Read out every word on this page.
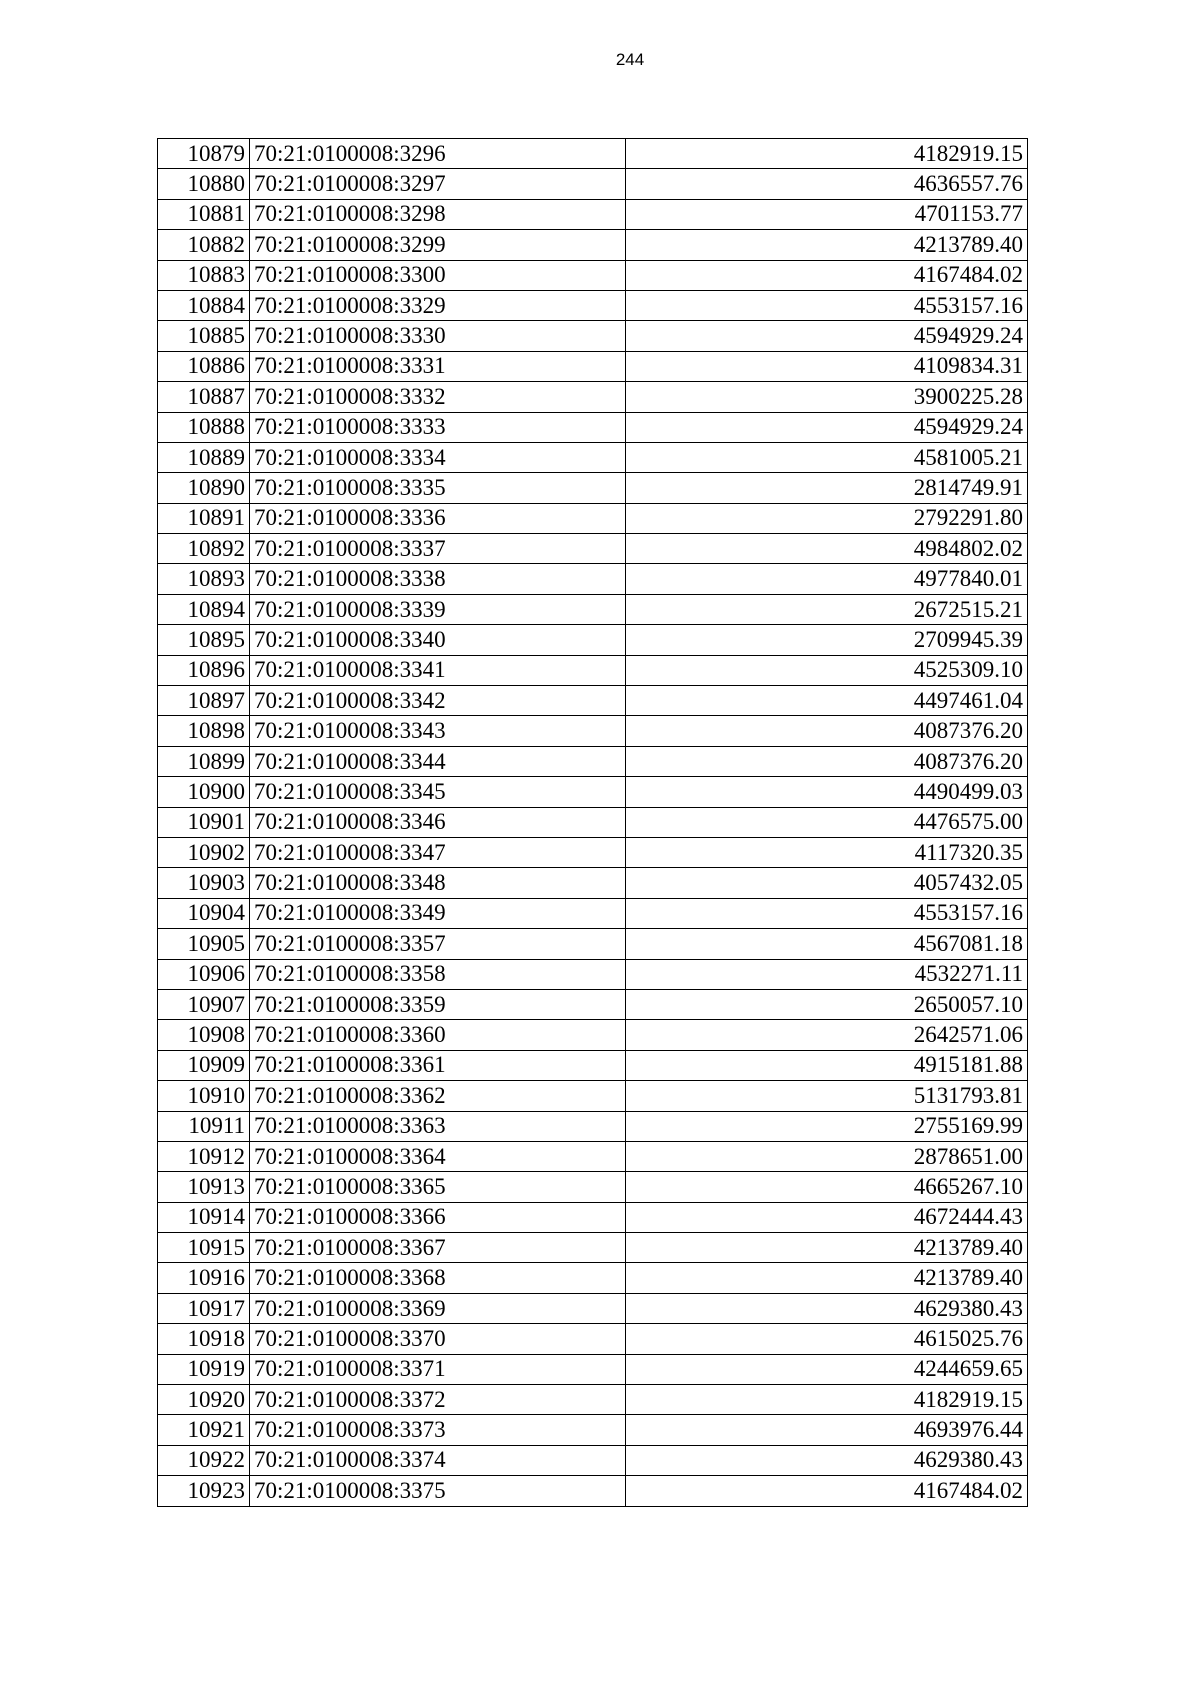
244
10879	70:21:0100008:3296	4182919.15
10880	70:21:0100008:3297	4636557.76
10881	70:21:0100008:3298	4701153.77
10882	70:21:0100008:3299	4213789.40
10883	70:21:0100008:3300	4167484.02
10884	70:21:0100008:3329	4553157.16
10885	70:21:0100008:3330	4594929.24
10886	70:21:0100008:3331	4109834.31
10887	70:21:0100008:3332	3900225.28
10888	70:21:0100008:3333	4594929.24
10889	70:21:0100008:3334	4581005.21
10890	70:21:0100008:3335	2814749.91
10891	70:21:0100008:3336	2792291.80
10892	70:21:0100008:3337	4984802.02
10893	70:21:0100008:3338	4977840.01
10894	70:21:0100008:3339	2672515.21
10895	70:21:0100008:3340	2709945.39
10896	70:21:0100008:3341	4525309.10
10897	70:21:0100008:3342	4497461.04
10898	70:21:0100008:3343	4087376.20
10899	70:21:0100008:3344	4087376.20
10900	70:21:0100008:3345	4490499.03
10901	70:21:0100008:3346	4476575.00
10902	70:21:0100008:3347	4117320.35
10903	70:21:0100008:3348	4057432.05
10904	70:21:0100008:3349	4553157.16
10905	70:21:0100008:3357	4567081.18
10906	70:21:0100008:3358	4532271.11
10907	70:21:0100008:3359	2650057.10
10908	70:21:0100008:3360	2642571.06
10909	70:21:0100008:3361	4915181.88
10910	70:21:0100008:3362	5131793.81
10911	70:21:0100008:3363	2755169.99
10912	70:21:0100008:3364	2878651.00
10913	70:21:0100008:3365	4665267.10
10914	70:21:0100008:3366	4672444.43
10915	70:21:0100008:3367	4213789.40
10916	70:21:0100008:3368	4213789.40
10917	70:21:0100008:3369	4629380.43
10918	70:21:0100008:3370	4615025.76
10919	70:21:0100008:3371	4244659.65
10920	70:21:0100008:3372	4182919.15
10921	70:21:0100008:3373	4693976.44
10922	70:21:0100008:3374	4629380.43
10923	70:21:0100008:3375	4167484.02
